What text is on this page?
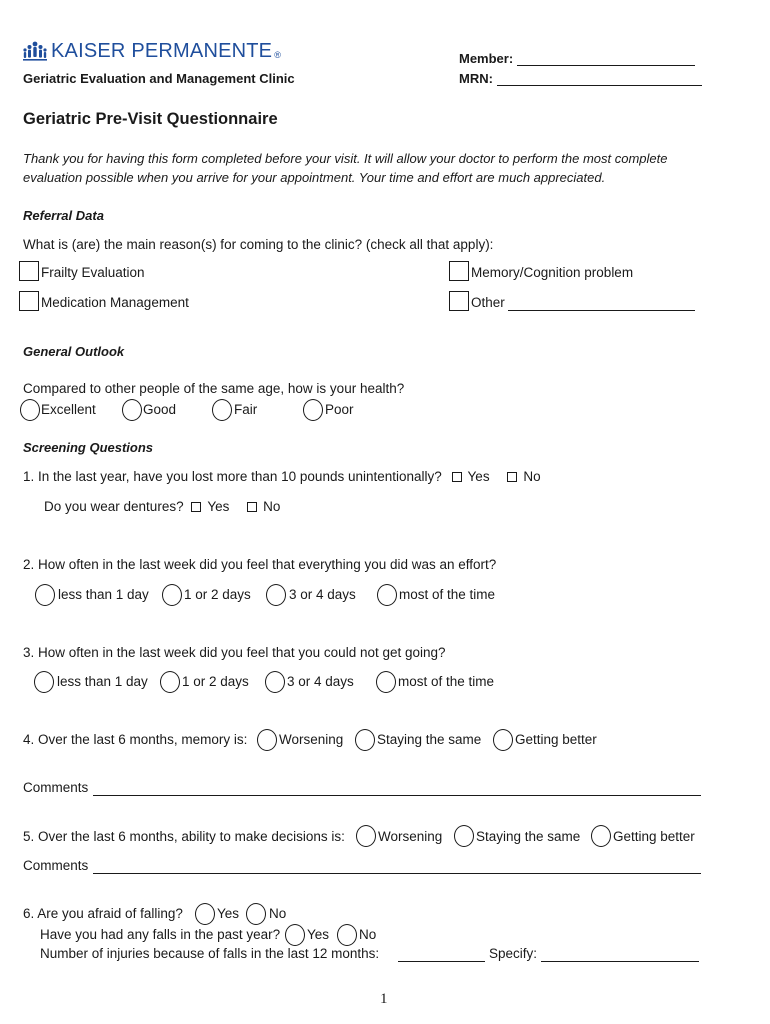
KAISER PERMANENTE ®
Geriatric Evaluation and Management Clinic
Member:
MRN:
Geriatric Pre-Visit Questionnaire
Thank you for having this form completed before your visit. It will allow your doctor to perform the most complete
evaluation possible when you arrive for your appointment. Your time and effort are much appreciated.
Referral Data
What is (are) the main reason(s) for coming to the clinic? (check all that apply):
Frailty Evaluation	Memory/Cognition problem
Medication Management	Other
General Outlook
Compared to other people of the same age, how is your health?
Excellent	Good	Fair	Poor
Screening Questions
1. In the last year, have you lost more than 10 pounds unintentionally? Yes	No
Do you wear dentures? Yes	No
2. How often in the last week did you feel that everything you did was an effort?
less than 1 day	1 or 2 days	3 or 4 days	most of the time
3. How often in the last week did you feel that you could not get going?
less than 1 day	1 or 2 days	3 or 4 days	most of the time
4. Over the last 6 months, memory is: Worsening Staying the same Getting better
Comments
5. Over the last 6 months, ability to make decisions is: Worsening Staying the same Getting better
Comments
6. Are you afraid of falling?	Yes No
Have you had any falls in the past year? Yes No
Number of injuries because of falls in the last 12 months:	Specify:
1
